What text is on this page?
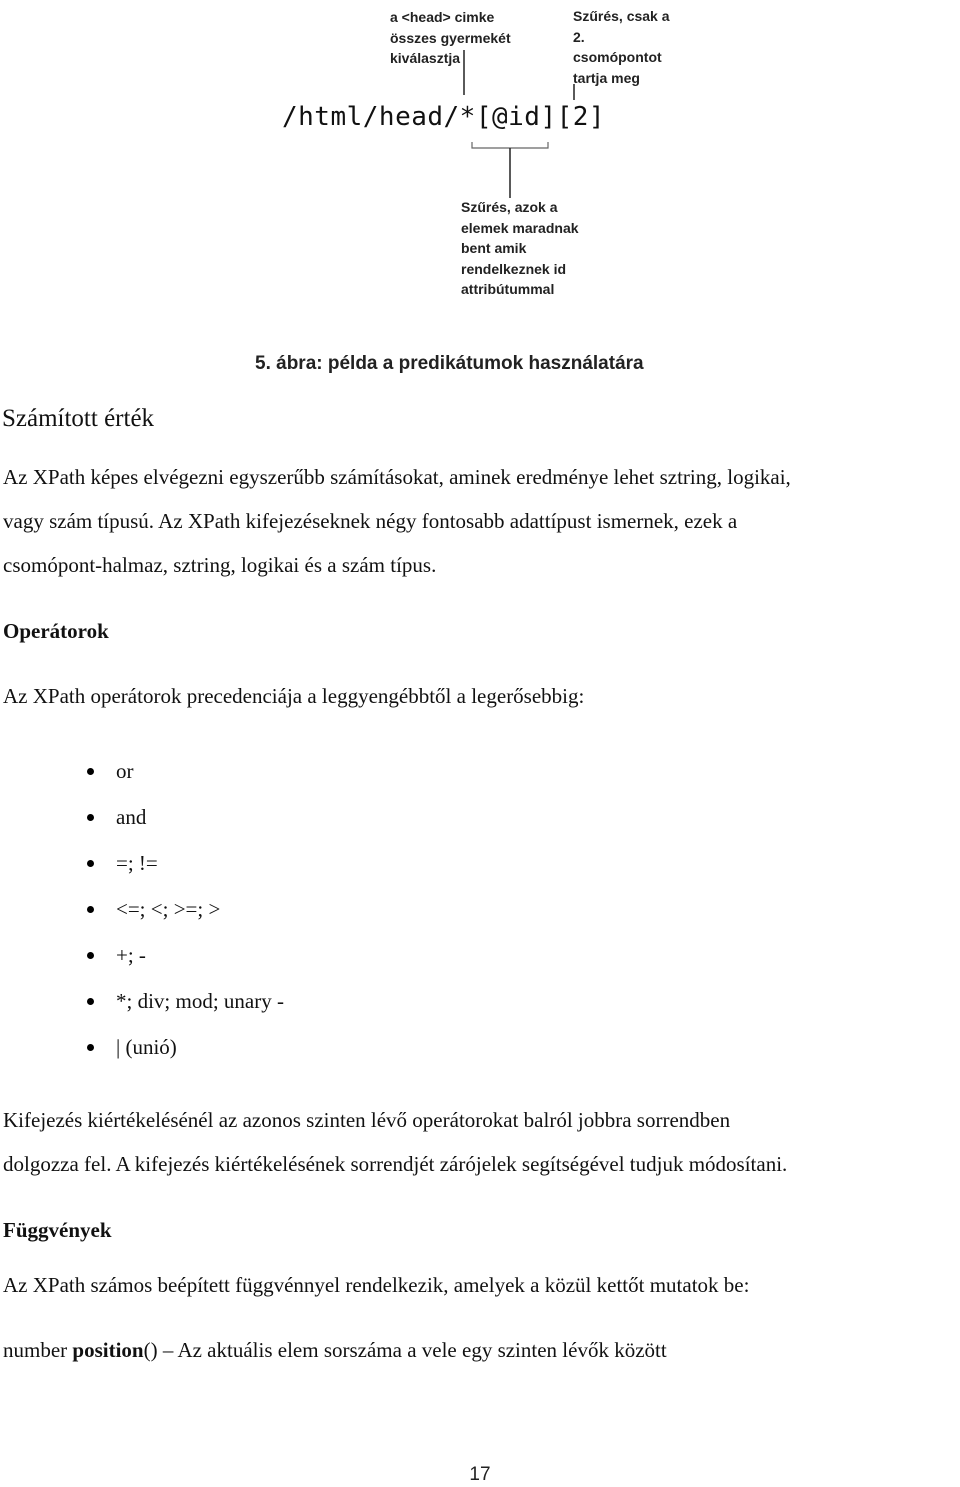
a <head> cimke
összes gyermekét
kiválasztja
Szűrés, csak a
2.
csomópontot
tartja meg
/html/head/*[@id][2]
Szűrés, azok a
elemek maradnak
bent amik
rendelkeznek id
attribútummal
5. ábra: példa a predikátumok használatára
Számított érték
Az XPath képes elvégezni egyszerűbb számításokat, aminek eredménye lehet sztring, logikai,
vagy szám típusú. Az XPath kifejezéseknek négy fontosabb adattípust ismernek, ezek a
csomópont-halmaz, sztring, logikai és a szám típus.
Operátorok
Az XPath operátorok precedenciája a leggyengébbtől a legerősebbig:
or
and
=; !=
<=; <; >=; >
+; -
*; div; mod; unary -
| (unió)
Kifejezés kiértékelésénél az azonos szinten lévő operátorokat balról jobbra sorrendben
dolgozza fel. A kifejezés kiértékelésének sorrendjét zárójelek segítségével tudjuk módosítani.
Függvények
Az XPath számos beépített függvénnyel rendelkezik, amelyek a közül kettőt mutatok be:
number position() – Az aktuális elem sorszáma a vele egy szinten lévők között
17
